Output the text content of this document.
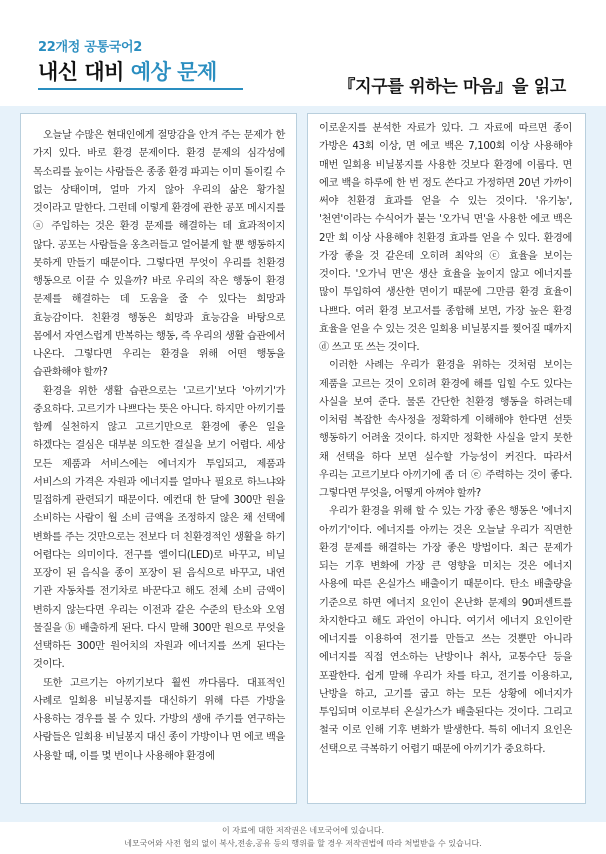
22개정 공통국어2
내신 대비 예상 문제
『지구를 위하는 마음』을 읽고

오늘날 수많은 현대인에게 절망감을 안겨 주는 문제가 한 가지 있다. 바로 환경 문제이다. 환경 문제의 심각성에 목소리를 높이는 사람들은 종종 환경 파괴는 이미 돌이킬 수 없는 상태이며, 얼마 가지 않아 우리의 삶은 황가칠 것이라고 말한다. 그런데 이렇게 환경에 관한 공포 메시지를 ⓐ 주입하는 것은 환경 문제를 해결하는 데 효과적이지 않다. 공포는 사람들을 옹츠러들고 얼어붙게 할 뿐 행동하지 못하게 만들기 때문이다. 그렇다면 무엇이 우리를 친환경 행동으로 이끌 수 있을까? 바로 우리의 작은 행동이 환경 문제를 해결하는 데 도움을 줄 수 있다는 희망과 효능감이다. 친환경 행동은 희망과 효능감을 바탕으로 몸에서 자연스럽게 반복하는 행동, 즉 우리의 생활 습관에서 나온다. 그렇다면 우리는 환경을 위해 어떤 행동을 습관화해야 할까?

환경을 위한 생활 습관으로는 '고르기'보다 '아끼기'가 중요하다. 고르기가 나쁘다는 뜻은 아니다. 하지만 아끼기를 함께 실천하지 않고 고르기만으로 환경에 좋은 일을 하겠다는 결심은 대부분 의도한 결실을 보기 어렵다. 세상 모든 제품과 서비스에는 에너지가 투입되고, 제품과 서비스의 가격은 자원과 에너지를 얼마나 필요로 하느냐와 밀접하게 관련되기 때문이다. 예컨대 한 달에 300만 원을 소비하는 사람이 월 소비 금액을 조정하지 않은 채 선택에 변화를 주는 것만으로는 전보다 더 친환경적인 생활을 하기 어렵다는 의미이다. 전구를 엘이디(LED)로 바꾸고, 비닐 포장이 된 음식을 종이 포장이 된 음식으로 바꾸고, 내연 기관 자동차를 전기차로 바꾼다고 해도 전체 소비 금액이 변하지 않는다면 우리는 이전과 같은 수준의 탄소와 오염 물질을 ⓑ 배출하게 된다. 다시 말해 300만 원으로 무엇을 선택하든 300만 원어치의 자원과 에너지를 쓰게 된다는 것이다.

또한 고르기는 아끼기보다 훨씬 까다롭다. 대표적인 사례로 일회용 비닐봉지를 대신하기 위해 다른 가방을 사용하는 경우를 볼 수 있다. 가방의 생애 주기를 연구하는 사람들은 일회용 비닐봉지 대신 종이 가방이나 면 에코 백을 사용할 때, 이를 몇 번이나 사용해야 환경에

이로운지를 분석한 자료가 있다. 그 자료에 따르면 종이 가방은 43회 이상, 면 에코 백은 7,100회 이상 사용해야 매번 일회용 비닐봉지를 사용한 것보다 환경에 이롭다. 면 에코 백을 하루에 한 번 정도 쓴다고 가정하면 20년 가까이 써야 친환경 효과를 얻을 수 있는 것이다. '유기농', '천연'이라는 수식어가 붙는 '오가닉 면'을 사용한 에코 백은 2만 회 이상 사용해야 친환경 효과를 얻을 수 있다. 환경에 가장 좋을 것 같은데 오히려 최악의 ⓒ 효율을 보이는 것이다. '오가닉 면'은 생산 효율을 높이지 않고 에너지를 많이 투입하여 생산한 면이기 때문에 그만큼 환경 효율이 나쁘다. 여러 환경 보고서를 종합해 보면, 가장 높은 환경 효율을 얻을 수 있는 것은 일회용 비닐봉지를 찢어질 때까지 ⓓ 쓰고 또 쓰는 것이다.

이러한 사례는 우리가 환경을 위하는 것처럼 보이는 제품을 고르는 것이 오히려 환경에 해를 입힐 수도 있다는 사실을 보여 준다. 물론 간단한 친환경 행동을 하려는데 이처럼 복잡한 속사정을 정확하게 이해해야 한다면 선뜻 행동하기 어려울 것이다. 하지만 정확한 사실을 알지 못한 채 선택을 하다 보면 실수할 가능성이 커진다. 따라서 우리는 고르기보다 아끼기에 좀 더 ⓔ 주력하는 것이 좋다. 그렇다면 무엇을, 어떻게 아껴야 할까?

우리가 환경을 위해 할 수 있는 가장 좋은 행동은 '에너지 아끼기'이다. 에너지를 아끼는 것은 오늘날 우리가 직면한 환경 문제를 해결하는 가장 좋은 방법이다. 최근 문제가 되는 기후 변화에 가장 큰 영향을 미치는 것은 에너지 사용에 따른 온실가스 배출이기 때문이다. 탄소 배출량을 기준으로 하면 에너지 요인이 온난화 문제의 90퍼센트를 차지한다고 해도 과언이 아니다. 여기서 에너지 요인이란 에너지를 이용하여 전기를 만들고 쓰는 것뿐만 아니라 에너지를 직접 연소하는 난방이나 취사, 교통수단 등을 포괄한다. 쉽게 말해 우리가 차를 타고, 전기를 이용하고, 난방을 하고, 고기를 굽고 하는 모든 상황에 에너지가 투입되며 이로부터 온실가스가 배출된다는 것이다. 그리고 철국 이로 인해 기후 변화가 발생한다. 특히 에너지 요인은 선택으로 극복하기 어렵기 때문에 아끼기가 중요하다.

이 자료에 대한 저작권은 네모국어에 있습니다.
네모국어와 사전 협의 없이 복사,전송,공유 등의 행위를 할 경우 저작권법에 따라 처벌받을 수 있습니다.
